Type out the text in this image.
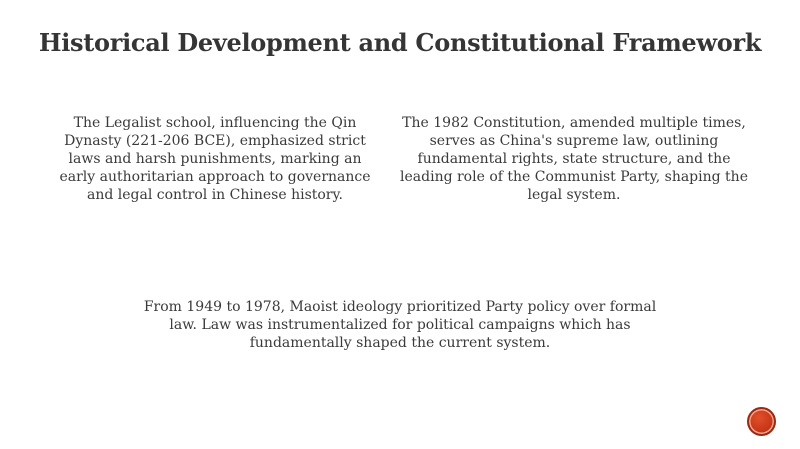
Historical Development and Constitutional Framework

The Legalist school, influencing the Qin Dynasty (221-206 BCE), emphasized strict laws and harsh punishments, marking an early authoritarian approach to governance and legal control in Chinese history.

The 1982 Constitution, amended multiple times, serves as China's supreme law, outlining fundamental rights, state structure, and the leading role of the Communist Party, shaping the legal system.

From 1949 to 1978, Maoist ideology prioritized Party policy over formal law. Law was instrumentalized for political campaigns which has fundamentally shaped the current system.
